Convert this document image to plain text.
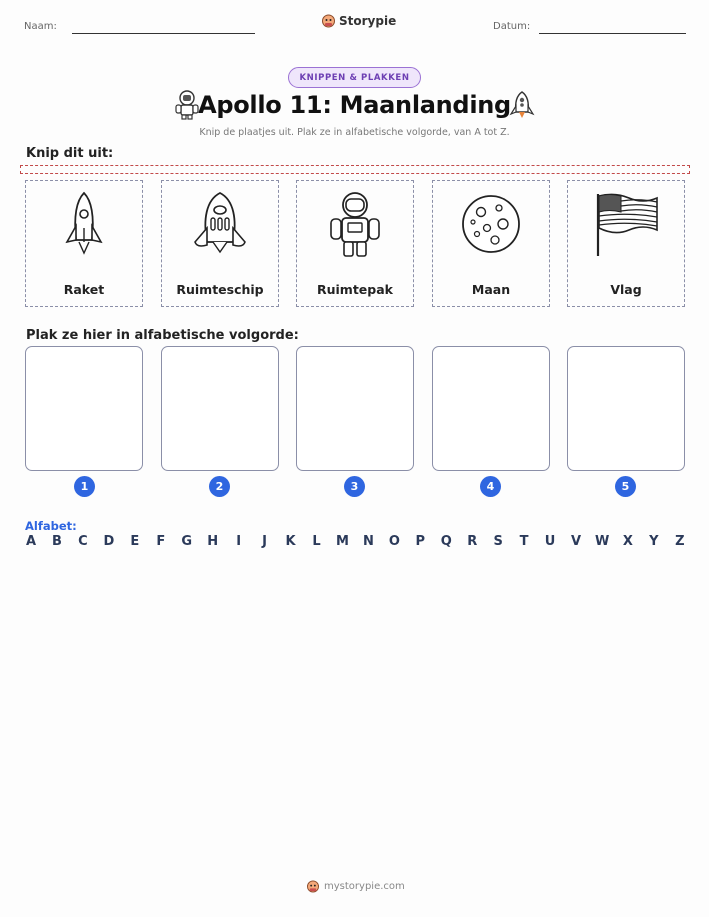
Naam:	Storypie	Datum:
KNIPPEN & PLAKKEN
Apollo 11: Maanlanding
Knip de plaatjes uit. Plak ze in alfabetische volgorde, van A tot Z.
Knip dit uit:
Raket	Ruimteschip	Ruimtepak	Maan	Vlag
Plak ze hier in alfabetische volgorde:
1	2	3	4	5
Alfabet:
A B C D E F G H	I	J	K L M N O P Q R S T U V W X Y Z
mystorypie.com
